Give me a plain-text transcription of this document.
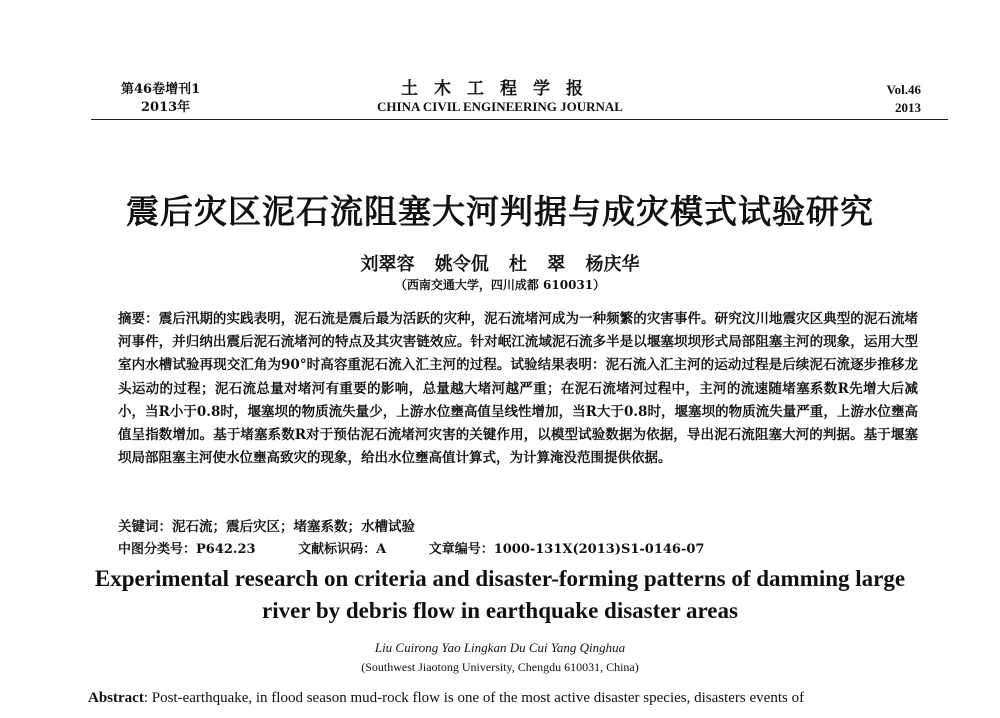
第46卷增刊1
2013年
土木工程学报
CHINA CIVIL ENGINEERING JOURNAL
Vol.46
2013
震后灾区泥石流阻塞大河判据与成灾模式试验研究
刘翠容 姚令侃 杜 翠 杨庆华
（西南交通大学，四川成都 610031）
摘要：震后汛期的实践表明，泥石流是震后最为活跃的灾种，泥石流堵河成为一种频繁的灾害事件。研究汶川地震灾区典型的泥石流堵河事件，并归纳出震后泥石流堵河的特点及其灾害链效应。针对岷江流域泥石流多半是以堰塞坝坝形式局部阻塞主河的现象，运用大型室内水槽试验再现交汇角为90°时高容重泥石流入汇主河的过程。试验结果表明：泥石流入汇主河的运动过程是后续泥石流逐步推移龙头运动的过程；泥石流总量对堵河有重要的影响，总量越大堵河越严重；在泥石流堵河过程中，主河的流速随堵塞系数R先增大后减小，当R小于0.8时，堰塞坝的物质流失量少，上游水位壅高值呈线性增加，当R大于0.8时，堰塞坝的物质流失量严重，上游水位壅高值呈指数增加。基于堵塞系数R对于预估泥石流堵河灾害的关键作用，以模型试验数据为依据，导出泥石流阻塞大河的判据。基于堰塞坝局部阻塞主河使水位壅高致灾的现象，给出水位壅高值计算式，为计算淹没范围提供依据。
关键词：泥石流；震后灾区；堵塞系数；水槽试验
中图分类号：P642.23	文献标识码：A	文章编号：1000-131X(2013)S1-0146-07
Experimental research on criteria and disaster-forming patterns of damming large river by debris flow in earthquake disaster areas
Liu Cuirong Yao Lingkan Du Cui Yang Qinghua
(Southwest Jiaotong University, Chengdu 610031, China)
Abstract: Post-earthquake, in flood season mud-rock flow is one of the most active disaster species, disasters events of
